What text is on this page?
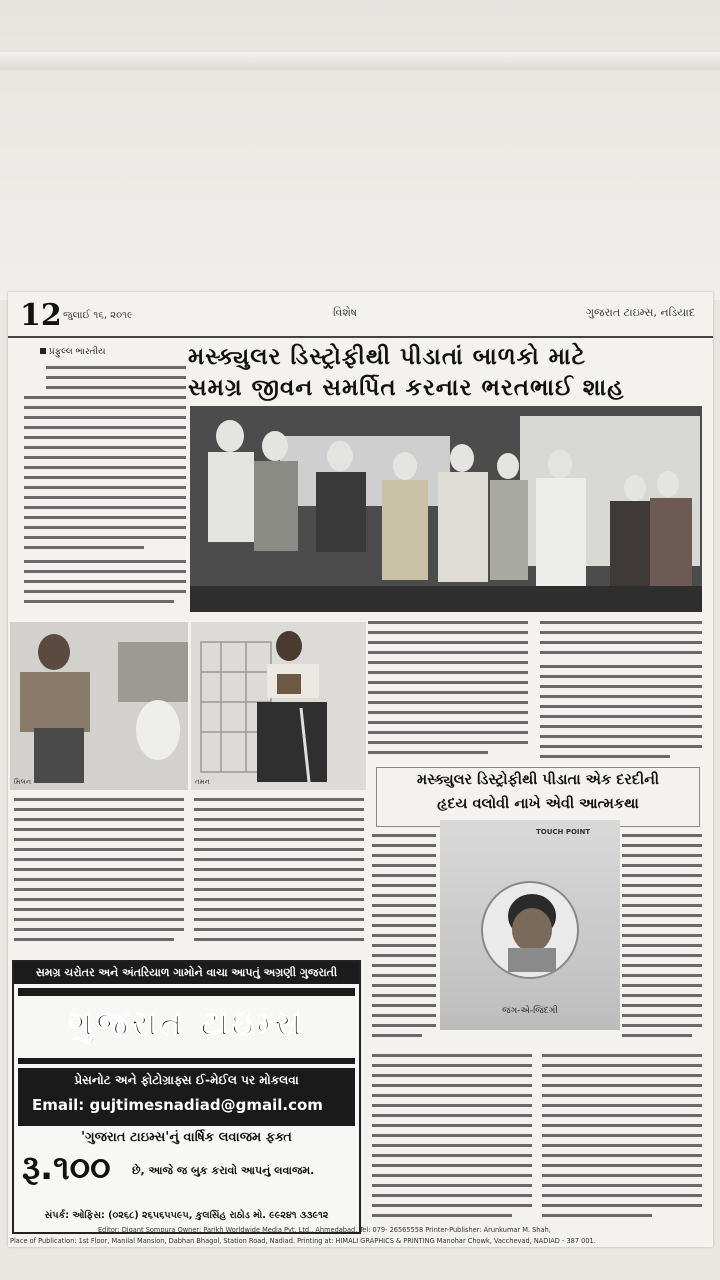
12 જુલાઈ ૧૬, ૨૦૧૯	વિશેષ	ગુજરાત ટાઇમ્સ, નડિયાદ
પ્રફુલ્લ ભારતીય	મસ્ક્યુલર ડિસ્ટ્રોફીથી પીડાતાં બાળકો માટે
સમગ્ર જીવન સમર્પિત કરનાર ભરતભાઈ શાહ
મિલન	તમન	મસ્ક્યુલર ડિસ્ટ્રોફીથી પીડાતા એક દરદીની
હૃદય વલોવી નાખે એવી આત્મકથા
TOUCH POINT
જંગ-એ-જિંદગી
સમગ્ર ચરોતર અને અંતરિયાળ ગામોને વાચા આપતું અગ્રણી ગુજરાતી
ગુજરાત ટાઇમ્સ
પ્રેસનોટ અને ફોટોગ્રાફ્સ ઈ-મેઈલ પર મોકલવા
Email: gujtimesnadiad@gmail.com
'ગુજરાત ટાઇમ્સ'નું વાર્ષિક લવાજમ ફક્ત
રૂ.૧૦૦ છે, આજે જ બુક કરાવો આપનું લવાજમ.
સંપર્ક: ઓફિસ: (૦૨૬૮) ૨૬૫૬૫૫૯૫, કુલસિંહ રાઠોડ મો. ૯૯૨૪૧ ૩૩૯૧૨
Editor: Digant Sompura Owner: Parikh Worldwide Media Pvt. Ltd., Ahmedabad. Tel: 079- 26565558 Printer-Publisher: Arunkumar M. Shah,
Place of Publication: 1st Floor, Manilal Mansion, Dabhan Bhagol, Station Road, Nadiad. Printing at: HIMALI GRAPHICS & PRINTING Manohar Chowk, Vacchevad, NADIAD - 387 001.
